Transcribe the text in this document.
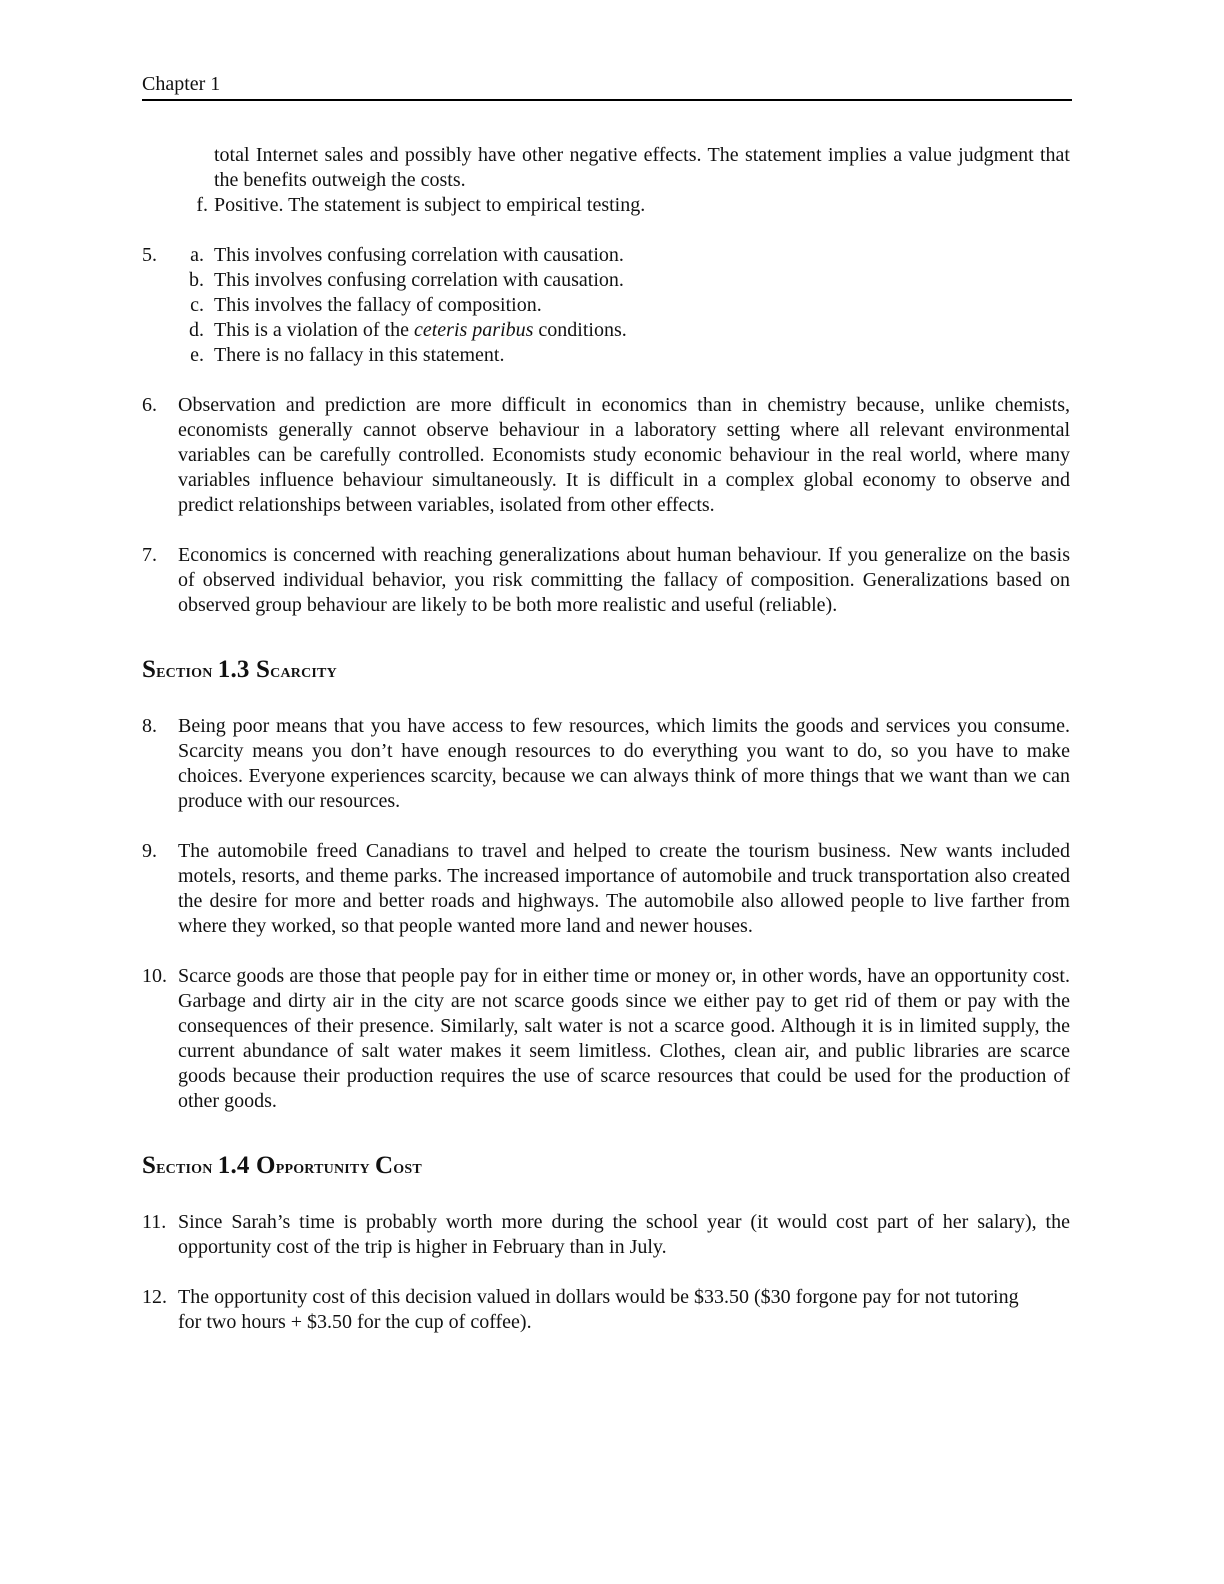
Chapter 1
total Internet sales and possibly have other negative effects. The statement implies a value judgment that the benefits outweigh the costs.
f. Positive. The statement is subject to empirical testing.
5.	a. This involves confusing correlation with causation.
b. This involves confusing correlation with causation.
c. This involves the fallacy of composition.
d. This is a violation of the ceteris paribus conditions.
e. There is no fallacy in this statement.
6. Observation and prediction are more difficult in economics than in chemistry because, unlike chemists, economists generally cannot observe behaviour in a laboratory setting where all relevant environmental variables can be carefully controlled. Economists study economic behaviour in the real world, where many variables influence behaviour simultaneously. It is difficult in a complex global economy to observe and predict relationships between variables, isolated from other effects.
7. Economics is concerned with reaching generalizations about human behaviour. If you generalize on the basis of observed individual behavior, you risk committing the fallacy of composition. Generalizations based on observed group behaviour are likely to be both more realistic and useful (reliable).
Section 1.3 Scarcity
8. Being poor means that you have access to few resources, which limits the goods and services you consume. Scarcity means you don’t have enough resources to do everything you want to do, so you have to make choices. Everyone experiences scarcity, because we can always think of more things that we want than we can produce with our resources.
9. The automobile freed Canadians to travel and helped to create the tourism business. New wants included motels, resorts, and theme parks. The increased importance of automobile and truck transportation also created the desire for more and better roads and highways. The automobile also allowed people to live farther from where they worked, so that people wanted more land and newer houses.
10. Scarce goods are those that people pay for in either time or money or, in other words, have an opportunity cost. Garbage and dirty air in the city are not scarce goods since we either pay to get rid of them or pay with the consequences of their presence. Similarly, salt water is not a scarce good. Although it is in limited supply, the current abundance of salt water makes it seem limitless. Clothes, clean air, and public libraries are scarce goods because their production requires the use of scarce resources that could be used for the production of other goods.
Section 1.4 Opportunity Cost
11. Since Sarah’s time is probably worth more during the school year (it would cost part of her salary), the opportunity cost of the trip is higher in February than in July.
12. The opportunity cost of this decision valued in dollars would be $33.50 ($30 forgone pay for not tutoring for two hours + $3.50 for the cup of coffee).
